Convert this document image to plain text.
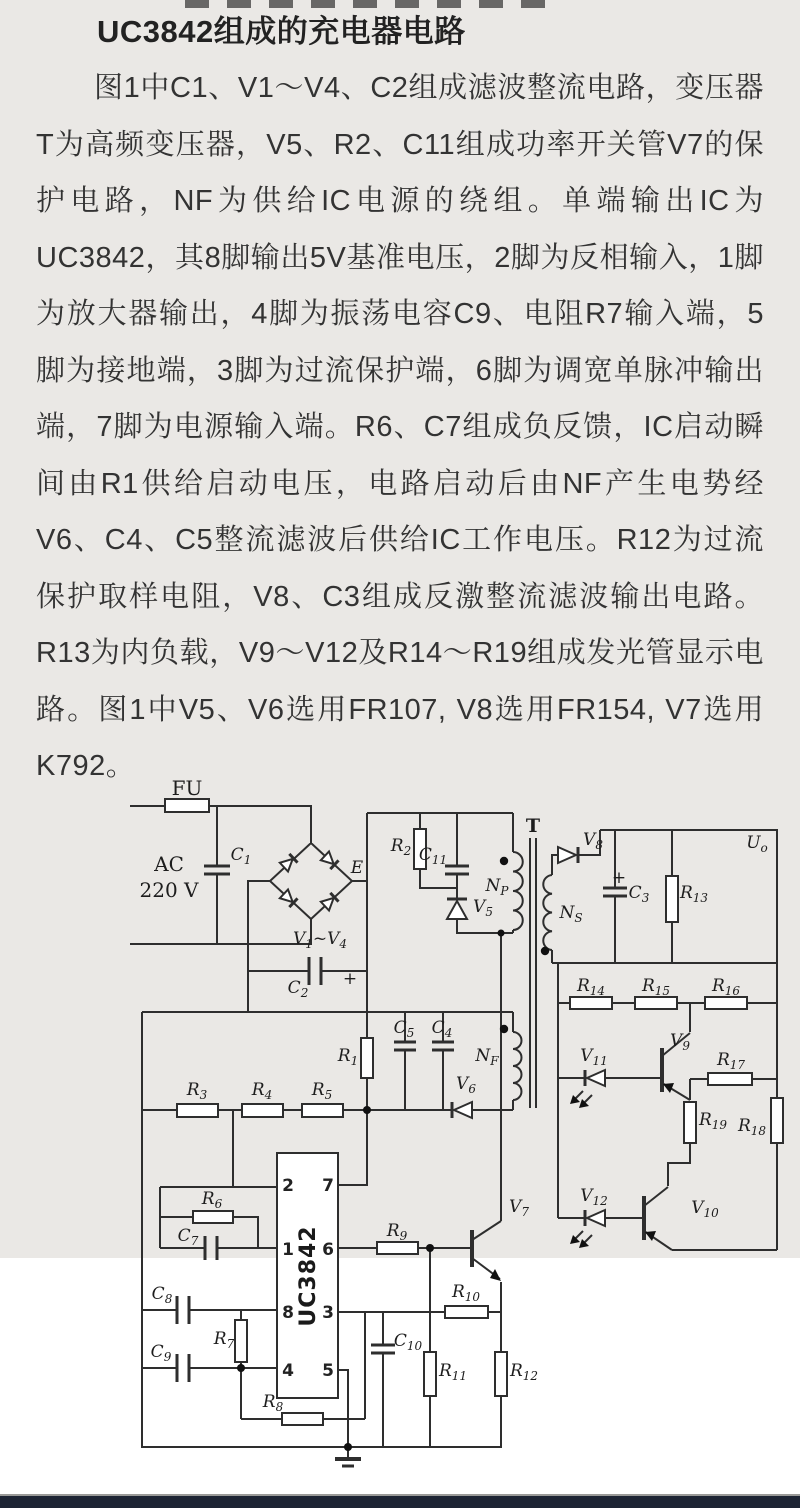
UC3842组成的充电器电路

图1中C1、V1～V4、C2组成滤波整流电路，变压器T为高频变压器，V5、R2、C11组成功率开关管V7的保护电路，NF为供给IC电源的绕组。单端输出IC为UC3842，其8脚输出5V基准电压，2脚为反相输入，1脚为放大器输出，4脚为振荡电容C9、电阻R7输入端，5脚为接地端，3脚为过流保护端，6脚为调宽单脉冲输出端，7脚为电源输入端。R6、C7组成负反馈，IC启动瞬间由R1供给启动电压，电路启动后由NF产生电势经V6、C4、C5整流滤波后供给IC工作电压。R12为过流保护取样电阻，V8、C3组成反激整流滤波输出电路。R13为内负载，V9～V12及R14～R19组成发光管显示电路。图1中V5、V6选用FR107, V8选用FR154, V7选用K792。

UC3842
2 7
1 6
8 3
4 5
FU
AC
220 V
$C_1$	E
$V_1\sim V_4$
$C_2$
+
$R_2$ $C_{11}$
$V_5$
$N_P$
T
$V_8$
$N_S$
+
$C_3$ $R_{13}$
$U_o$
$R_{14}$ $R_{15}$ $R_{16}$
$V_9$
$V_{11}$	$R_{17}$
$R_{19}$ $R_{18}$
$V_{12}$	$V_{10}$
$R_1$
$C_5$ $C_4$
$N_F$
$V_6$
$R_3$	$R_4$ $R_5$
$R_6$
$C_7$
$C_8$
$R_7$
$C_9$
$R_8$
$R_9$
$R_{10}$
$C_{10}$
$R_{11}$	$R_{12}$
$V_7$
